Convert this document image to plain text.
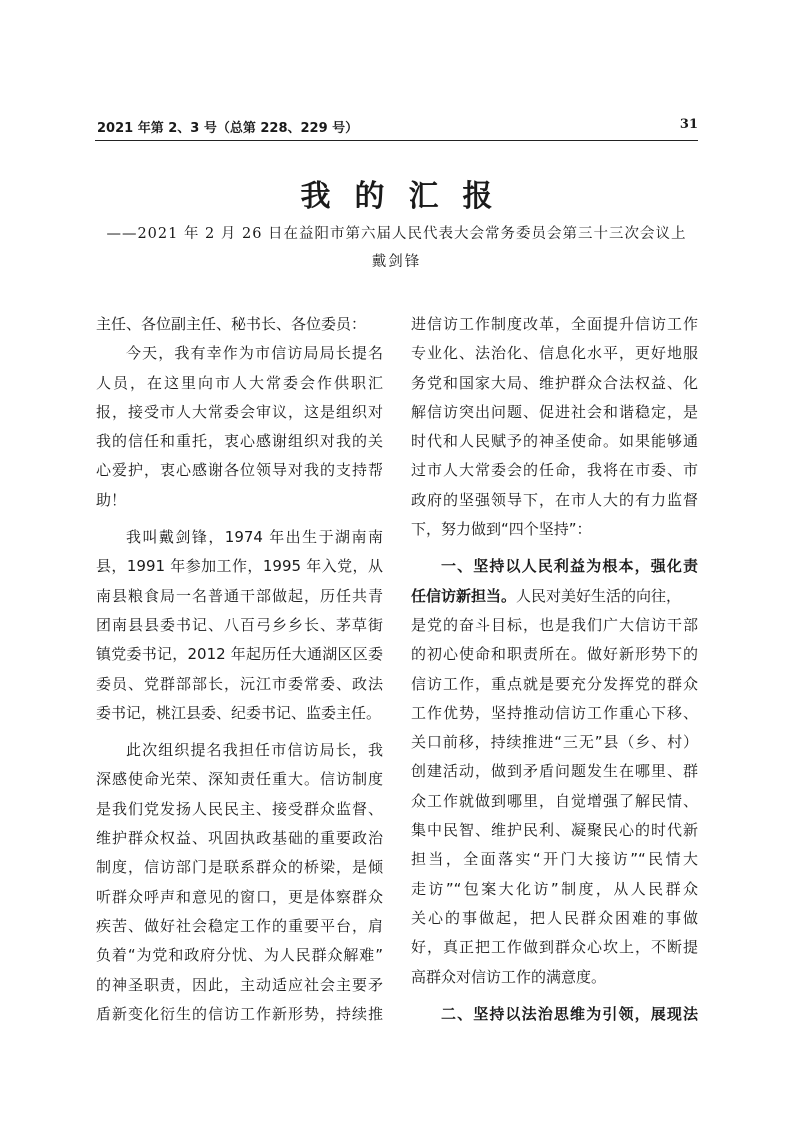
2021 年第 2、3 号（总第 228、229 号）	31
我的汇报
——2021 年 2 月 26 日在益阳市第六届人民代表大会常务委员会第三十三次会议上
戴剑锋
主任、各位副主任、秘书长、各位委员：
今天，我有幸作为市信访局局长提名
人员，在这里向市人大常委会作供职汇
报，接受市人大常委会审议，这是组织对
我的信任和重托，衷心感谢组织对我的关
心爱护，衷心感谢各位领导对我的支持帮
助！
我叫戴剑锋，1974 年出生于湖南南
县，1991 年参加工作，1995 年入党，从
南县粮食局一名普通干部做起，历任共青
团南县县委书记、八百弓乡乡长、茅草街
镇党委书记，2012 年起历任大通湖区区委
委员、党群部部长，沅江市委常委、政法
委书记，桃江县委、纪委书记、监委主任。
此次组织提名我担任市信访局长，我
深感使命光荣、深知责任重大。信访制度
是我们党发扬人民民主、接受群众监督、
维护群众权益、巩固执政基础的重要政治
制度，信访部门是联系群众的桥梁，是倾
听群众呼声和意见的窗口，更是体察群众
疾苦、做好社会稳定工作的重要平台，肩
负着“为党和政府分忧、为人民群众解难”
的神圣职责，因此，主动适应社会主要矛
盾新变化衍生的信访工作新形势，持续推
进信访工作制度改革，全面提升信访工作
专业化、法治化、信息化水平，更好地服
务党和国家大局、维护群众合法权益、化
解信访突出问题、促进社会和谐稳定，是
时代和人民赋予的神圣使命。如果能够通
过市人大常委会的任命，我将在市委、市
政府的坚强领导下，在市人大的有力监督
下，努力做到“四个坚持”：
一、坚持以人民利益为根本，强化责
任信访新担当。人民对美好生活的向往，
是党的奋斗目标，也是我们广大信访干部
的初心使命和职责所在。做好新形势下的
信访工作，重点就是要充分发挥党的群众
工作优势，坚持推动信访工作重心下移、
关口前移，持续推进“三无”县（乡、村）
创建活动，做到矛盾问题发生在哪里、群
众工作就做到哪里，自觉增强了解民情、
集中民智、维护民利、凝聚民心的时代新
担当，全面落实“开门大接访”“民情大
走访”“包案大化访”制度，从人民群众
关心的事做起，把人民群众困难的事做
好，真正把工作做到群众心坎上，不断提
高群众对信访工作的满意度。
二、坚持以法治思维为引领，展现法
